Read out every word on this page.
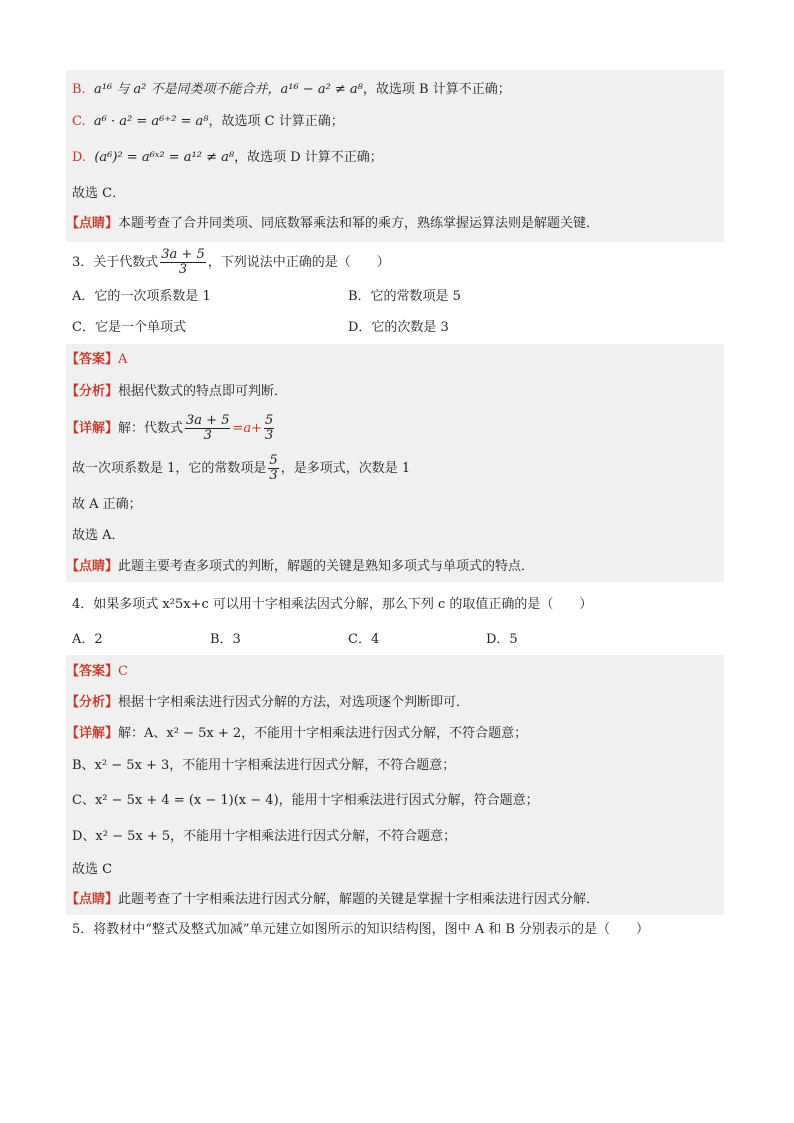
B. a¹⁶ 与 a² 不是同类项不能合并，a¹⁶ − a² ≠ a⁸，故选项 B 计算不正确；
C. a⁶ · a² = a⁶⁺² = a⁸，故选项 C 计算正确；
D. (a⁶)² = a⁶ˣ² = a¹² ≠ a⁸，故选项 D 计算不正确；
故选 C．
【点睛】本题考查了合并同类项、同底数幂乘法和幂的乘方，熟练掌握运算法则是解题关键．
3．关于代数式 $\frac{3a + 5}{3}$ ，下列说法中正确的是（　　）
A．它的一次项系数是 1	B．它的常数项是 5
C．它是一个单项式	D．它的次数是 3
【答案】A
【分析】根据代数式的特点即可判断．
【详解】解：代数式 $\frac{3a + 5}{3} =a+ \frac{5}{3}$
故一次项系数是 1，它的常数项是 $\frac{5}{3}$ ，是多项式，次数是 1
故 A 正确；
故选 A．
【点睛】此题主要考查多项式的判断，解题的关键是熟知多项式与单项式的特点．
4．如果多项式 x²5x+c 可以用十字相乘法因式分解，那么下列 c 的取值正确的是（　　）
A．2	B．3	C．4	D．5
【答案】C
【分析】根据十字相乘法进行因式分解的方法，对选项逐个判断即可．
【详解】解：A、x² − 5x + 2，不能用十字相乘法进行因式分解，不符合题意；
B、x² − 5x + 3，不能用十字相乘法进行因式分解，不符合题意；
C、x² − 5x + 4 = (x − 1)(x − 4)，能用十字相乘法进行因式分解，符合题意；
D、x² − 5x + 5，不能用十字相乘法进行因式分解，不符合题意；
故选 C
【点睛】此题考查了十字相乘法进行因式分解，解题的关键是掌握十字相乘法进行因式分解．
5．将教材中“整式及整式加减”单元建立如图所示的知识结构图，图中 A 和 B 分别表示的是（　　）
